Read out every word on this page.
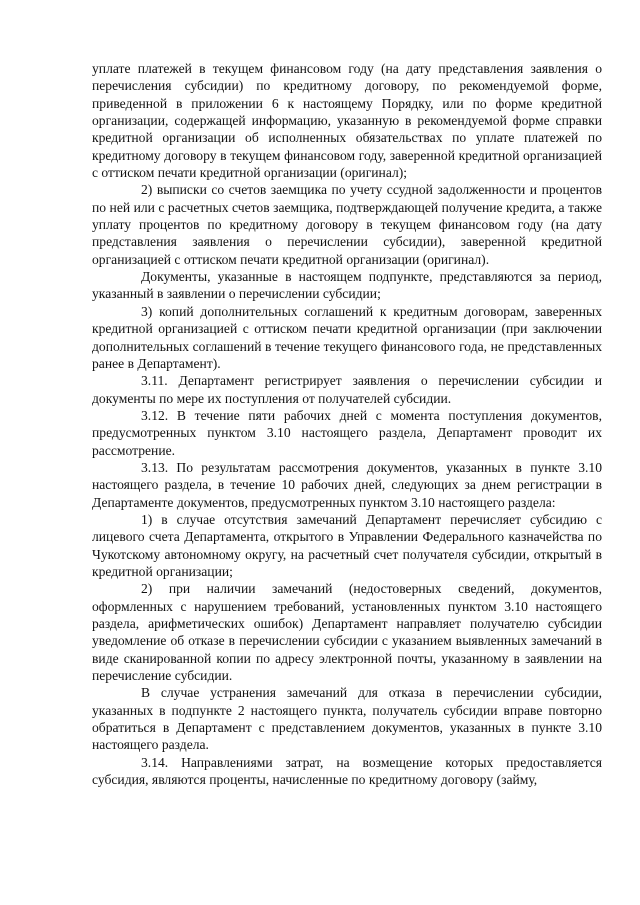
уплате платежей в текущем финансовом году (на дату представления заявления о перечисления субсидии) по кредитному договору, по рекомендуемой форме, приведенной в приложении 6 к настоящему Порядку, или по форме кредитной организации, содержащей информацию, указанную в рекомендуемой форме справки кредитной организации об исполненных обязательствах по уплате платежей по кредитному договору в текущем финансовом году, заверенной кредитной организацией с оттиском печати кредитной организации (оригинал);

2) выписки со счетов заемщика по учету ссудной задолженности и процентов по ней или с расчетных счетов заемщика, подтверждающей получение кредита, а также уплату процентов по кредитному договору в текущем финансовом году (на дату представления заявления о перечислении субсидии), заверенной кредитной организацией с оттиском печати кредитной организации (оригинал).

Документы, указанные в настоящем подпункте, представляются за период, указанный в заявлении о перечислении субсидии;

3) копий дополнительных соглашений к кредитным договорам, заверенных кредитной организацией с оттиском печати кредитной организации (при заключении дополнительных соглашений в течение текущего финансового года, не представленных ранее в Департамент).

3.11. Департамент регистрирует заявления о перечислении субсидии и документы по мере их поступления от получателей субсидии.

3.12. В течение пяти рабочих дней с момента поступления документов, предусмотренных пунктом 3.10 настоящего раздела, Департамент проводит их рассмотрение.

3.13. По результатам рассмотрения документов, указанных в пункте 3.10 настоящего раздела, в течение 10 рабочих дней, следующих за днем регистрации в Департаменте документов, предусмотренных пунктом 3.10 настоящего раздела:

1) в случае отсутствия замечаний Департамент перечисляет субсидию с лицевого счета Департамента, открытого в Управлении Федерального казначейства по Чукотскому автономному округу, на расчетный счет получателя субсидии, открытый в кредитной организации;

2) при наличии замечаний (недостоверных сведений, документов, оформленных с нарушением требований, установленных пунктом 3.10 настоящего раздела, арифметических ошибок) Департамент направляет получателю субсидии уведомление об отказе в перечислении субсидии с указанием выявленных замечаний в виде сканированной копии по адресу электронной почты, указанному в заявлении на перечисление субсидии.

В случае устранения замечаний для отказа в перечислении субсидии, указанных в подпункте 2 настоящего пункта, получатель субсидии вправе повторно обратиться в Департамент с представлением документов, указанных в пункте 3.10 настоящего раздела.

3.14. Направлениями затрат, на возмещение которых предоставляется субсидия, являются проценты, начисленные по кредитному договору (займу,
